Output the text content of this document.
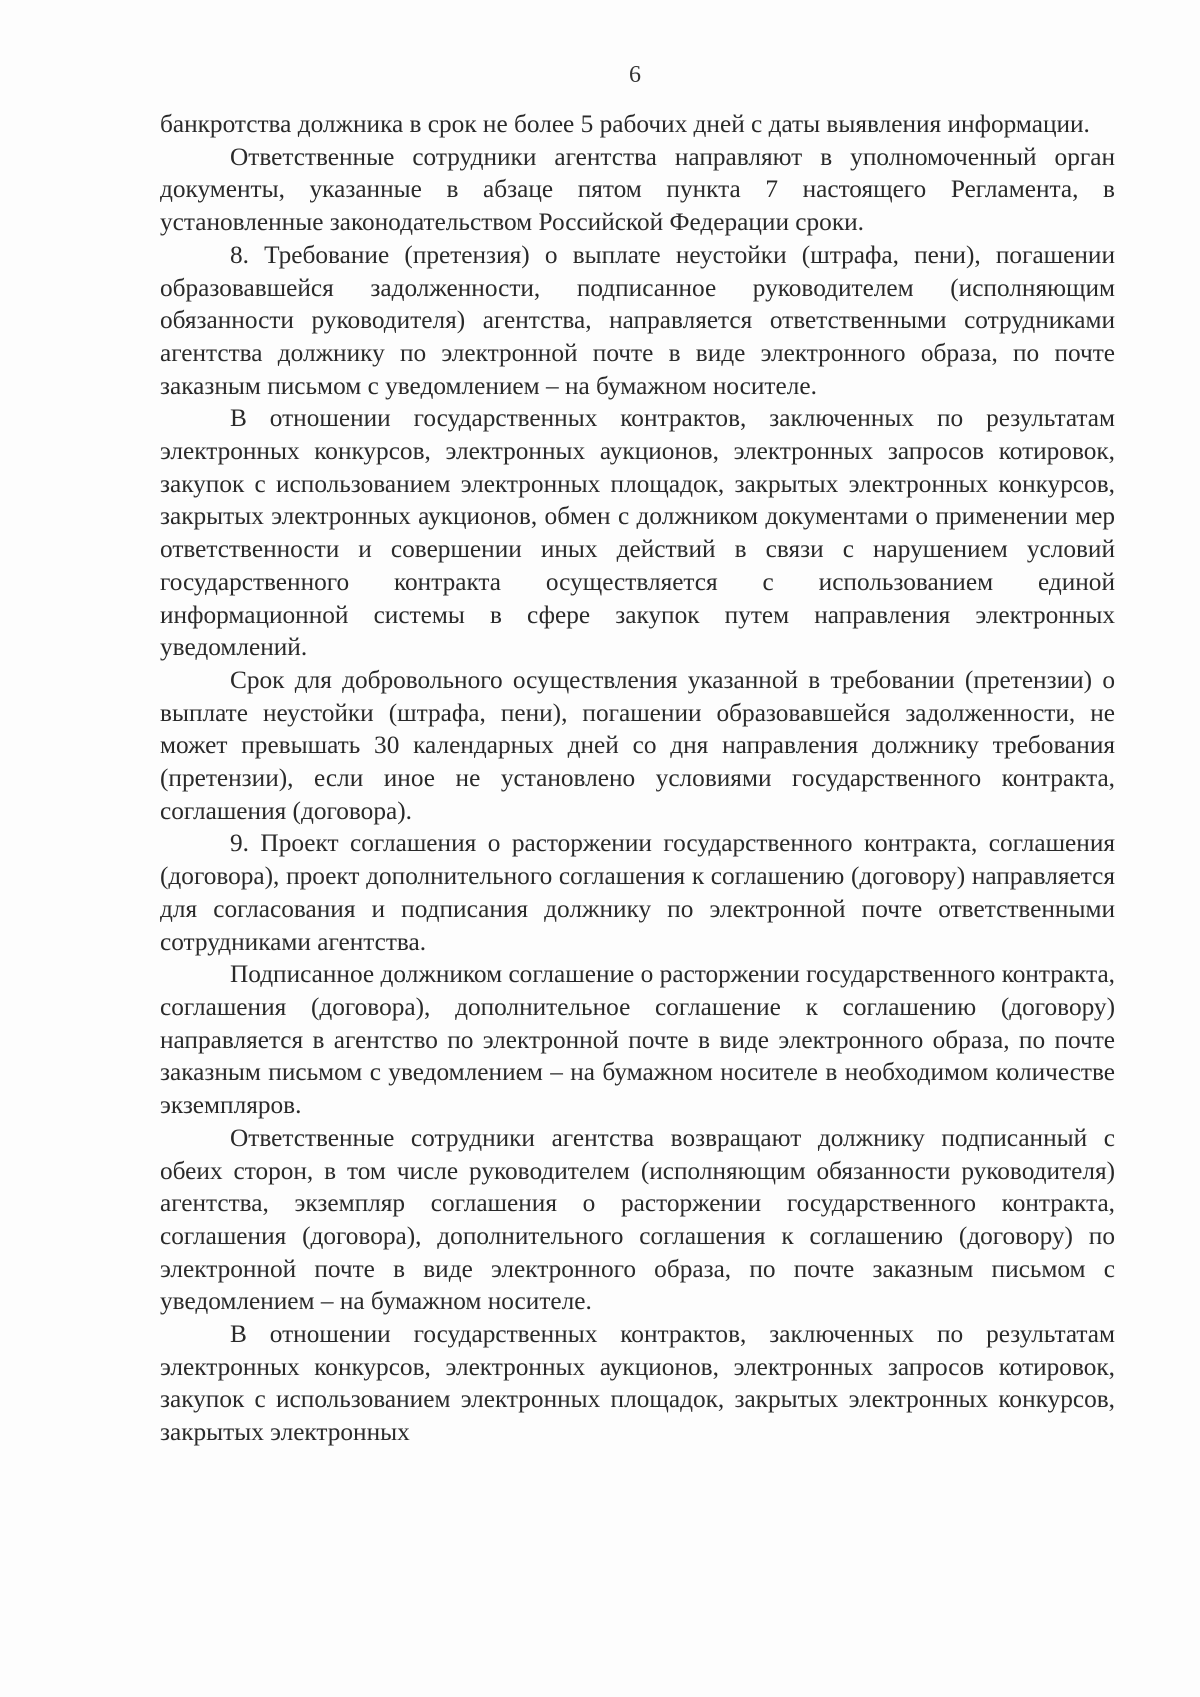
6

банкротства должника в срок не более 5 рабочих дней с даты выявления информации.

Ответственные сотрудники агентства направляют в уполномоченный орган документы, указанные в абзаце пятом пункта 7 настоящего Регламента, в установленные законодательством Российской Федерации сроки.

8. Требование (претензия) о выплате неустойки (штрафа, пени), погашении образовавшейся задолженности, подписанное руководителем (исполняющим обязанности руководителя) агентства, направляется ответственными сотрудниками агентства должнику по электронной почте в виде электронного образа, по почте заказным письмом с уведомлением – на бумажном носителе.

В отношении государственных контрактов, заключенных по результатам электронных конкурсов, электронных аукционов, электронных запросов котировок, закупок с использованием электронных площадок, закрытых электронных конкурсов, закрытых электронных аукционов, обмен с должником документами о применении мер ответственности и совершении иных действий в связи с нарушением условий государственного контракта осуществляется с использованием единой информационной системы в сфере закупок путем направления электронных уведомлений.

Срок для добровольного осуществления указанной в требовании (претензии) о выплате неустойки (штрафа, пени), погашении образовавшейся задолженности, не может превышать 30 календарных дней со дня направления должнику требования (претензии), если иное не установлено условиями государственного контракта, соглашения (договора).

9. Проект соглашения о расторжении государственного контракта, соглашения (договора), проект дополнительного соглашения к соглашению (договору) направляется для согласования и подписания должнику по электронной почте ответственными сотрудниками агентства.

Подписанное должником соглашение о расторжении государственного контракта, соглашения (договора), дополнительное соглашение к соглашению (договору) направляется в агентство по электронной почте в виде электронного образа, по почте заказным письмом с уведомлением – на бумажном носителе в необходимом количестве экземпляров.

Ответственные сотрудники агентства возвращают должнику подписанный с обеих сторон, в том числе руководителем (исполняющим обязанности руководителя) агентства, экземпляр соглашения о расторжении государственного контракта, соглашения (договора), дополнительного соглашения к соглашению (договору) по электронной почте в виде электронного образа, по почте заказным письмом с уведомлением – на бумажном носителе.

В отношении государственных контрактов, заключенных по результатам электронных конкурсов, электронных аукционов, электронных запросов котировок, закупок с использованием электронных площадок, закрытых электронных конкурсов, закрытых электронных
